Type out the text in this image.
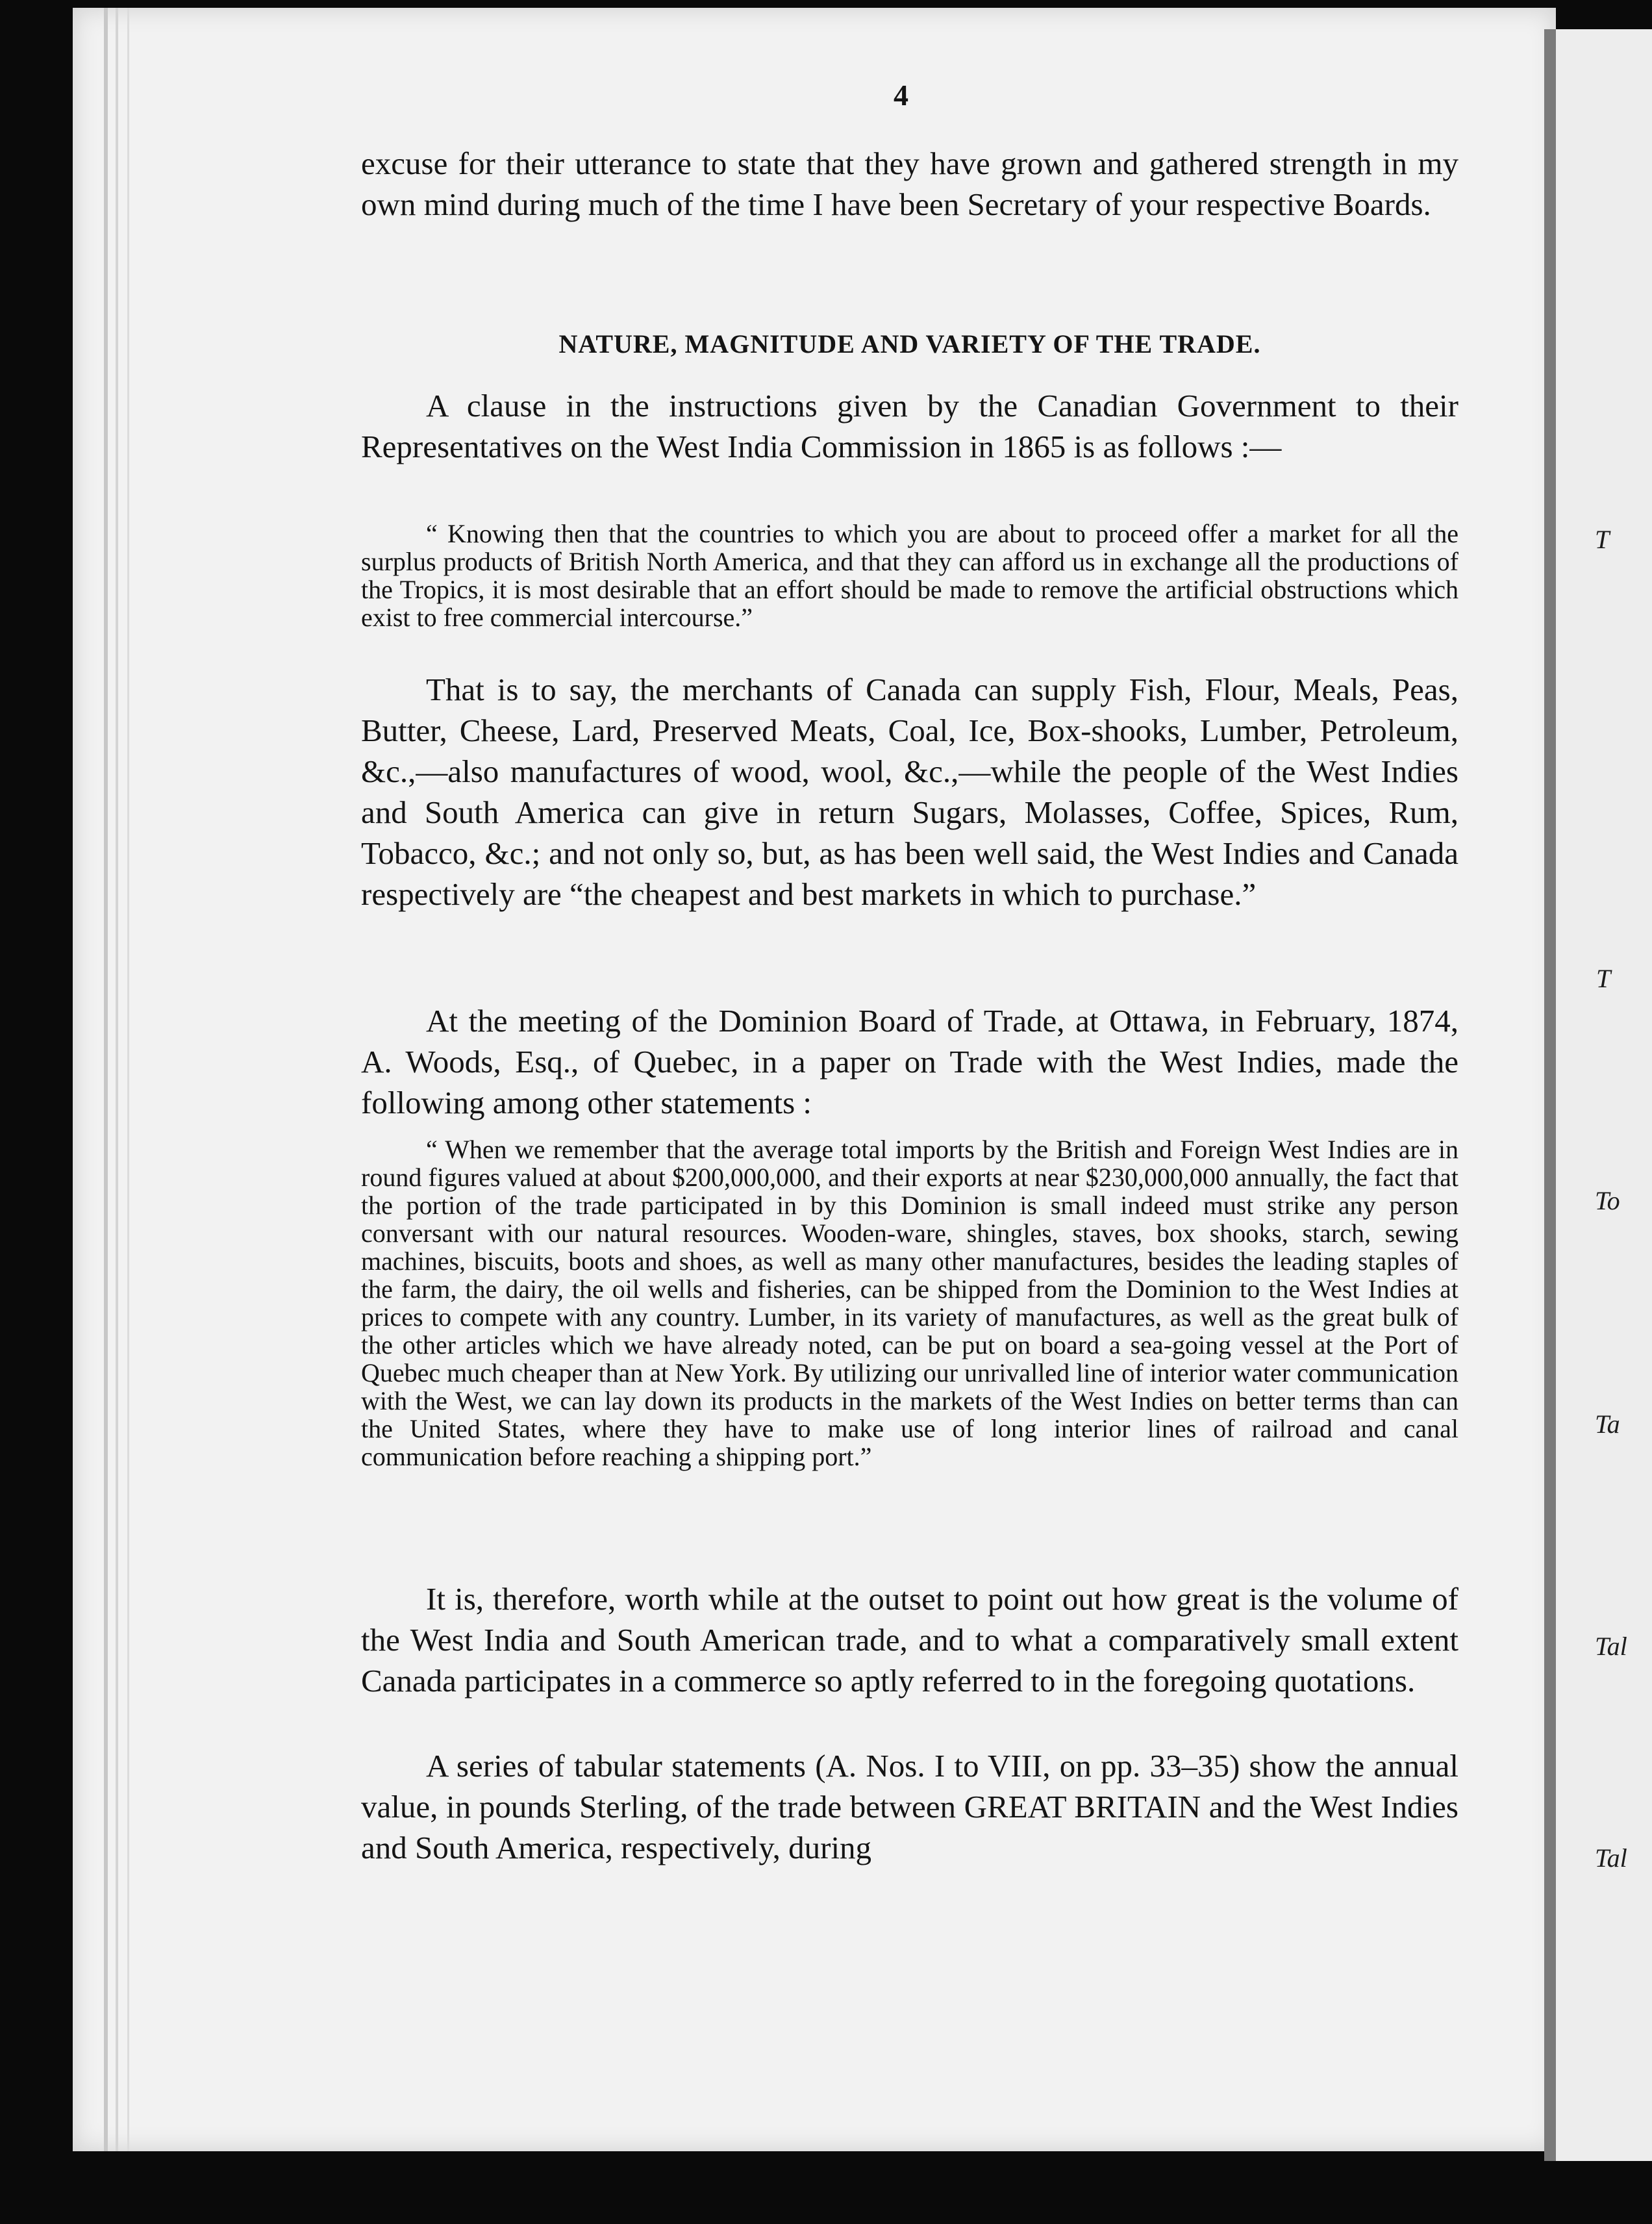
T
T
To
Ta
Tal
Tal
4

excuse for their utterance to state that they have grown and gathered strength in my own mind during much of the time I have been Secretary of your respective Boards.

NATURE, MAGNITUDE AND VARIETY OF THE TRADE.

A clause in the instructions given by the Canadian Government to their Representatives on the West India Commission in 1865 is as follows :—

“ Knowing then that the countries to which you are about to proceed offer a market for all the surplus products of British North America, and that they can afford us in exchange all the productions of the Tropics, it is most desirable that an effort should be made to remove the artificial obstructions which exist to free commercial intercourse.”

That is to say, the merchants of Canada can supply Fish, Flour, Meals, Peas, Butter, Cheese, Lard, Preserved Meats, Coal, Ice, Box-shooks, Lumber, Petroleum, &c.,—also manufactures of wood, wool, &c.,—while the people of the West Indies and South America can give in return Sugars, Molasses, Coffee, Spices, Rum, Tobacco, &c.; and not only so, but, as has been well said, the West Indies and Canada respectively are “the cheapest and best markets in which to purchase.”

At the meeting of the Dominion Board of Trade, at Ottawa, in February, 1874, A. Woods, Esq., of Quebec, in a paper on Trade with the West Indies, made the following among other statements :

“ When we remember that the average total imports by the British and Foreign West Indies are in round figures valued at about $200,000,000, and their exports at near $230,000,000 annually, the fact that the portion of the trade participated in by this Dominion is small indeed must strike any person conversant with our natural resources. Wooden-ware, shingles, staves, box shooks, starch, sewing machines, biscuits, boots and shoes, as well as many other manufactures, besides the leading staples of the farm, the dairy, the oil wells and fisheries, can be shipped from the Dominion to the West Indies at prices to compete with any country. Lumber, in its variety of manufactures, as well as the great bulk of the other articles which we have already noted, can be put on board a sea-going vessel at the Port of Quebec much cheaper than at New York. By utilizing our unrivalled line of interior water communication with the West, we can lay down its products in the markets of the West Indies on better terms than can the United States, where they have to make use of long interior lines of railroad and canal communication before reaching a shipping port.”

It is, therefore, worth while at the outset to point out how great is the volume of the West India and South American trade, and to what a comparatively small extent Canada participates in a commerce so aptly referred to in the foregoing quotations.

A series of tabular statements (A. Nos. I to VIII, on pp. 33–35) show the annual value, in pounds Sterling, of the trade between GREAT BRITAIN and the West Indies and South America, respectively, during
